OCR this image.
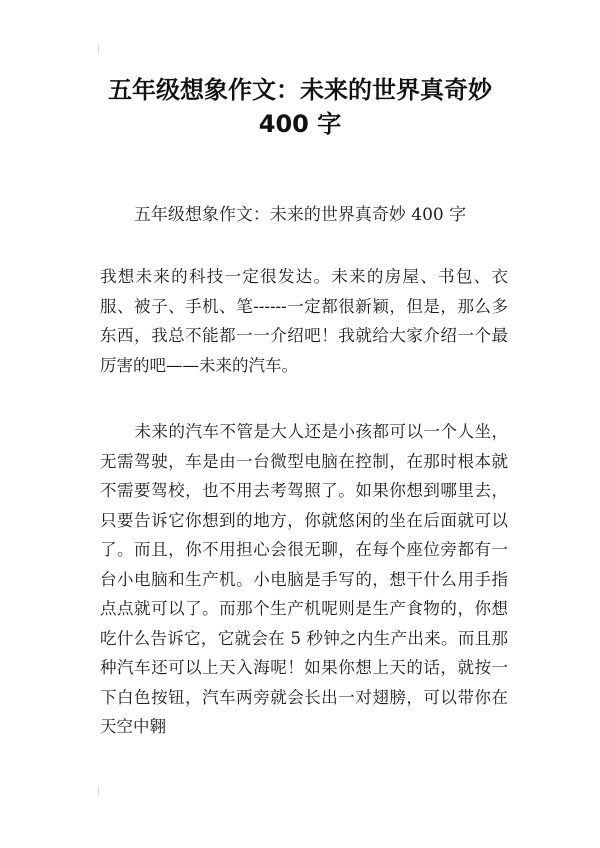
五年级想象作文：未来的世界真奇妙
400 字
五年级想象作文：未来的世界真奇妙 400 字

我想未来的科技一定很发达。未来的房屋、书包、衣服、被子、手机、笔------一定都很新颖，但是，那么多东西，我总不能都一一介绍吧！我就给大家介绍一个最厉害的吧——未来的汽车。

未来的汽车不管是大人还是小孩都可以一个人坐，无需驾驶，车是由一台微型电脑在控制，在那时根本就不需要驾校，也不用去考驾照了。如果你想到哪里去，只要告诉它你想到的地方，你就悠闲的坐在后面就可以了。而且，你不用担心会很无聊，在每个座位旁都有一台小电脑和生产机。小电脑是手写的，想干什么用手指点点就可以了。而那个生产机呢则是生产食物的，你想吃什么告诉它，它就会在 5 秒钟之内生产出来。而且那种汽车还可以上天入海呢！如果你想上天的话，就按一下白色按钮，汽车两旁就会长出一对翅膀，可以带你在天空中翱
